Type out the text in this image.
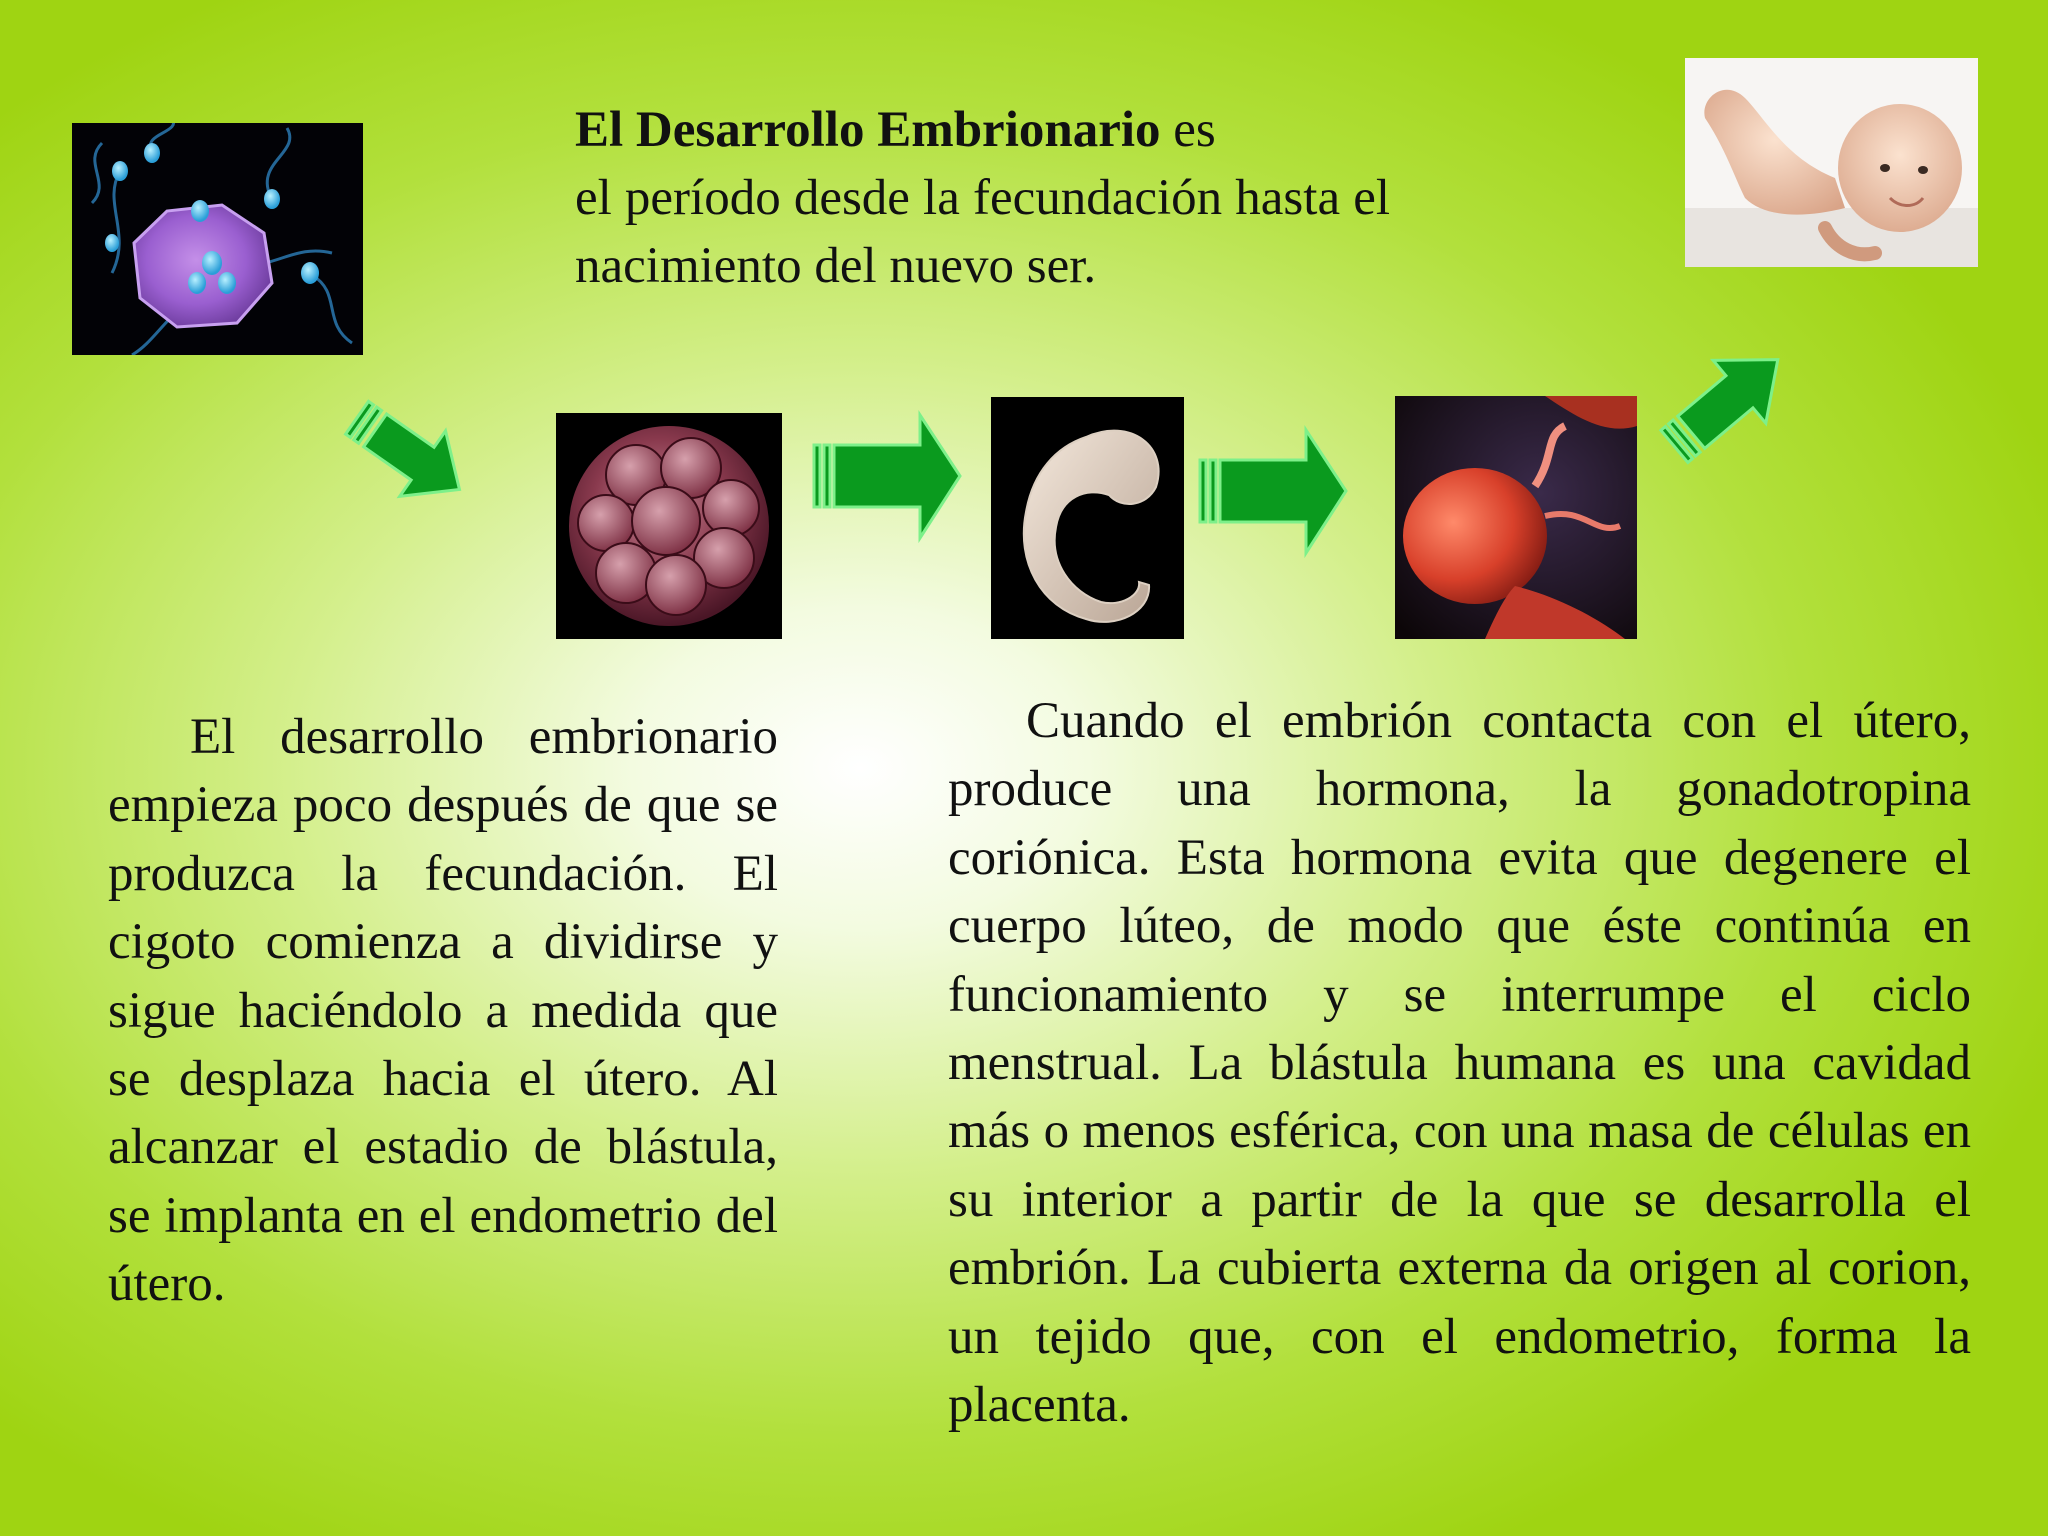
El Desarrollo Embrionario es
el período desde la fecundación hasta el nacimiento del nuevo ser.
El desarrollo embrionario empieza poco después de que se produzca la fecundación. El cigoto comienza a dividirse y sigue haciéndolo a medida que se desplaza hacia el útero. Al alcanzar el estadio de blástula, se implanta en el endometrio del útero.
Cuando el embrión contacta con el útero, produce una hormona, la gonadotropina coriónica. Esta hormona evita que degenere el cuerpo lúteo, de modo que éste continúa en funcionamiento y se interrumpe el ciclo menstrual. La blástula humana es una cavidad más o menos esférica, con una masa de células en su interior a partir de la que se desarrolla el embrión. La cubierta externa da origen al corion, un tejido que, con el endometrio, forma la placenta.
